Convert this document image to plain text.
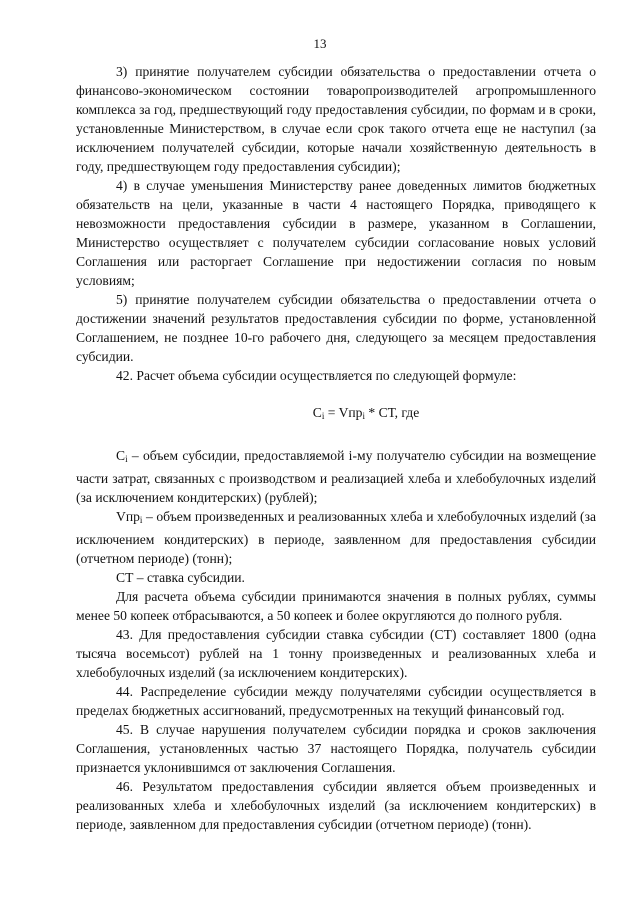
13

3) принятие получателем субсидии обязательства о предоставлении отчета о финансово-экономическом состоянии товаропроизводителей агропромышленного комплекса за год, предшествующий году предоставления субсидии, по формам и в сроки, установленные Министерством, в случае если срок такого отчета еще не наступил (за исключением получателей субсидии, которые начали хозяйственную деятельность в году, предшествующем году предоставления субсидии);

4) в случае уменьшения Министерству ранее доведенных лимитов бюджетных обязательств на цели, указанные в части 4 настоящего Порядка, приводящего к невозможности предоставления субсидии в размере, указанном в Соглашении, Министерство осуществляет с получателем субсидии согласование новых условий Соглашения или расторгает Соглашение при недостижении согласия по новым условиям;

5) принятие получателем субсидии обязательства о предоставлении отчета о достижении значений результатов предоставления субсидии по форме, установленной Соглашением, не позднее 10-го рабочего дня, следующего за месяцем предоставления субсидии.

42. Расчет объема субсидии осуществляется по следующей формуле:

$С_i = Vпр_i$ * СТ, где

$С_i$ – объем субсидии, предоставляемой i-му получателю субсидии на возмещение части затрат, связанных с производством и реализацией хлеба и хлебобулочных изделий (за исключением кондитерских) (рублей);

Vпр$_i$ – объем произведенных и реализованных хлеба и хлебобулочных изделий (за исключением кондитерских) в периоде, заявленном для предоставления субсидии (отчетном периоде) (тонн);

СТ – ставка субсидии.

Для расчета объема субсидии принимаются значения в полных рублях, суммы менее 50 копеек отбрасываются, а 50 копеек и более округляются до полного рубля.

43. Для предоставления субсидии ставка субсидии (СТ) составляет 1800 (одна тысяча восемьсот) рублей на 1 тонну произведенных и реализованных хлеба и хлебобулочных изделий (за исключением кондитерских).

44. Распределение субсидии между получателями субсидии осуществляется в пределах бюджетных ассигнований, предусмотренных на текущий финансовый год.

45. В случае нарушения получателем субсидии порядка и сроков заключения Соглашения, установленных частью 37 настоящего Порядка, получатель субсидии признается уклонившимся от заключения Соглашения.

46. Результатом предоставления субсидии является объем произведенных и реализованных хлеба и хлебобулочных изделий (за исключением кондитерских) в периоде, заявленном для предоставления субсидии (отчетном периоде) (тонн).
